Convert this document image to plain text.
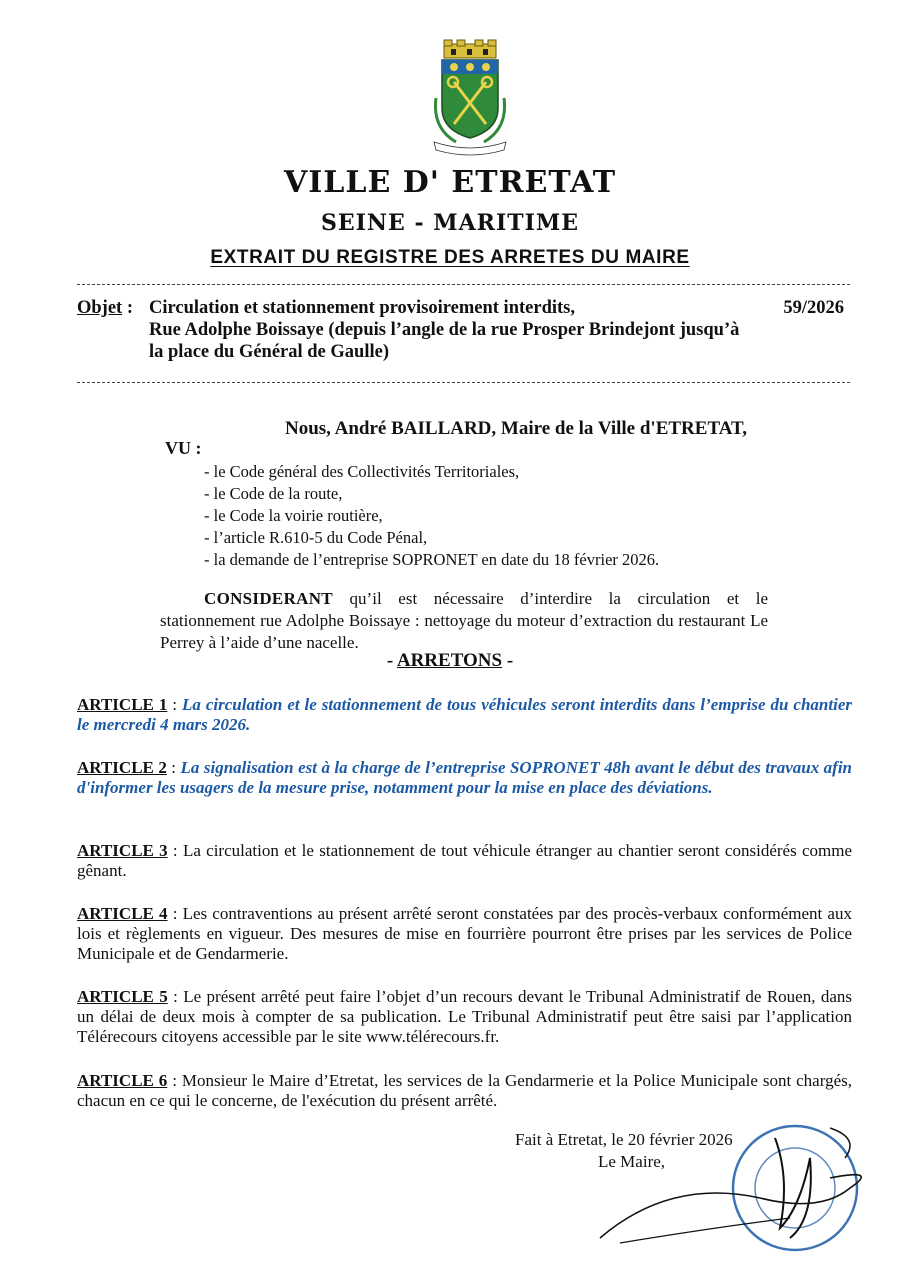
VILLE D' ETRETAT
SEINE - MARITIME
EXTRAIT DU REGISTRE DES ARRETES DU MAIRE
Objet : Circulation et stationnement provisoirement interdits,
Rue Adolphe Boissaye (depuis l’angle de la rue Prosper Brindejont jusqu’à
la place du Général de Gaulle)
59/2026
Nous, André BAILLARD, Maire de la Ville d'ETRETAT,
VU :
- le Code général des Collectivités Territoriales,
- le Code de la route,
- le Code la voirie routière,
- l’article R.610-5 du Code Pénal,
- la demande de l’entreprise SOPRONET en date du 18 février 2026.
CONSIDERANT qu’il est nécessaire d’interdire la circulation et le stationnement rue Adolphe Boissaye : nettoyage du moteur d’extraction du restaurant Le Perrey à l’aide d’une nacelle.
- ARRETONS -
ARTICLE 1 : La circulation et le stationnement de tous véhicules seront interdits dans l’emprise du chantier le mercredi 4 mars 2026.
ARTICLE 2 : La signalisation est à la charge de l’entreprise SOPRONET 48h avant le début des travaux afin d'informer les usagers de la mesure prise, notamment pour la mise en place des déviations.
ARTICLE 3 : La circulation et le stationnement de tout véhicule étranger au chantier seront considérés comme gênant.
ARTICLE 4 : Les contraventions au présent arrêté seront constatées par des procès-verbaux conformément aux lois et règlements en vigueur. Des mesures de mise en fourrière pourront être prises par les services de Police Municipale et de Gendarmerie.
ARTICLE 5 : Le présent arrêté peut faire l’objet d’un recours devant le Tribunal Administratif de Rouen, dans un délai de deux mois à compter de sa publication. Le Tribunal Administratif peut être saisi par l’application Télérecours citoyens accessible par le site www.télérecours.fr.
ARTICLE 6 : Monsieur le Maire d’Etretat, les services de la Gendarmerie et la Police Municipale sont chargés, chacun en ce qui le concerne, de l'exécution du présent arrêté.
Fait à Etretat, le 20 février 2026
Le Maire,
